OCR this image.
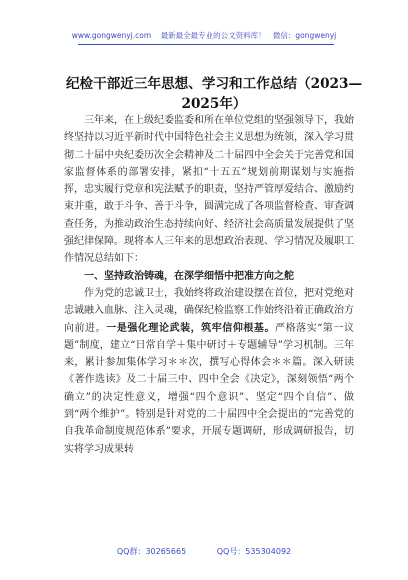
www.gongwenyj.com 最新最全最专业的公文资料库！ 微信：gongwenyj
纪检干部近三年思想、学习和工作总结（2023—2025年）

三年来，在上级纪委监委和所在单位党组的坚强领导下，我始终坚持以习近平新时代中国特色社会主义思想为统领，深入学习贯彻二十届中央纪委历次全会精神及二十届四中全会关于完善党和国家监督体系的部署安排，紧扣“十五五”规划前期谋划与实施指挥，忠实履行党章和宪法赋予的职责，坚持严管厚爱结合、激励约束并重，敢于斗争、善于斗争，圆满完成了各项监督检查、审查调查任务，为推动政治生态持续向好、经济社会高质量发展提供了坚强纪律保障。现将本人三年来的思想政治表现、学习情况及履职工作情况总结如下：

一、坚持政治铸魂，在深学细悟中把准方向之舵

作为党的忠诚卫士，我始终将政治建设摆在首位，把对党绝对忠诚融入血脉、注入灵魂，确保纪检监察工作始终沿着正确政治方向前进。一是强化理论武装，筑牢信仰根基。严格落实“第一议题”制度，建立“日常自学＋集中研讨＋专题辅导”学习机制。三年来，累计参加集体学习＊＊次，撰写心得体会＊＊篇。深入研读《著作选读》及二十届三中、四中全会《决定》，深刻领悟“两个确立”的决定性意义，增强“四个意识”、坚定“四个自信”、做到“两个维护”。特别是针对党的二十届四中全会提出的“完善党的自我革命制度规范体系”要求，开展专题调研，形成调研报告，切实将学习成果转

QQ群：30265665	QQ号：535304092
